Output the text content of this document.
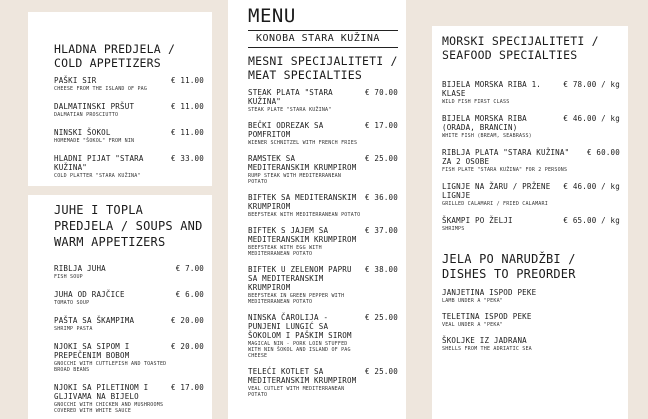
HLADNA PREDJELA / COLD APPETIZERS
PAŠKI SIR
CHEESE FROM THE ISLAND OF PAG
€ 11.00
DALMATINSKI PRŠUT
DALMATIAN PROSCIUTTO
€ 11.00
NINSKI ŠOKOL
HOMEMADE "ŠOKOL" FROM NIN
€ 11.00
HLADNI PIJAT "STARA KUŽINA"
COLD PLATTER "STARA KUŽINA"
€ 33.00
JUHE I TOPLA PREDJELA / SOUPS AND WARM APPETIZERS
RIBLJA JUHA
FISH SOUP
€ 7.00
JUHA OD RAJČICE
TOMATO SOUP
€ 6.00
PAŠTA SA ŠKAMPIMA
SHRIMP PASTA
€ 20.00
NJOKI SA SIPOM I PREPEČENIM BOBOM
GNOCCHI WITH CUTTLEFISH AND TOASTED BROAD BEANS
€ 20.00
NJOKI SA PILETINOM I GLJIVAMA NA BIJELO
GNOCCHI WITH CHICKEN AND MUSHROOMS COVERED WITH WHITE SAUCE
€ 17.00
MENU
KONOBA STARA KUŽINA
MESNI SPECIJALITETI / MEAT SPECIALTIES
STEAK PLATA "STARA KUŽINA"
STEAK PLATE "STARA KUŽINA"
€ 70.00
BEČKI ODREZAK SA POMFRITOM
WIENER SCHNITZEL WITH FRENCH FRIES
€ 17.00
RAMSTEK SA MEDITERANSKIM KRUMPIROM
RUMP STEAK WITH MEDITERRANEAN POTATO
€ 25.00
BIFTEK SA MEDITERANSKIM KRUMPIROM
BEEFSTEAK WITH MEDITERRANEAN POTATO
€ 36.00
BIFTEK S JAJEM SA MEDITERANSKIM KRUMPIROM
BEEFSTEAK WITH EGG WITH MEDITERRANEAN POTATO
€ 37.00
BIFTEK U ZELENOM PAPRU SA MEDITERANSKIM KRUMPIROM
BEEFSTEAK IN GREEN PEPPER WITH MEDITERRANEAN POTATO
€ 38.00
NINSKA ČAROLIJA -PUNJENI LUNGIĆ SA ŠOKOLOM I PAŠKIM SIROM
MAGICAL NIN - PORK LOIN STUFFED WITH NIN ŠOKOL AND ISLAND OF PAG CHEESE
€ 25.00
TELEĆI KOTLET SA MEDITERANSKIM KRUMPIROM
VEAL CUTLET WITH MEDITERRANEAN POTATO
€ 25.00
MORSKI SPECIJALITETI / SEAFOOD SPECIALTIES
BIJELA MORSKA RIBA 1. KLASE
WILD FISH FIRST CLASS
€ 78.00 / kg
BIJELA MORSKA RIBA (ORADA, BRANCIN)
WHITE FISH (BREAM, SEABRASS)
€ 46.00 / kg
RIBLJA PLATA "STARA KUŽINA" ZA 2 OSOBE
FISH PLATE "STARA KUŽINA" FOR 2 PERSONS
€ 60.00
LIGNJE NA ŽARU / PRŽENE LIGNJE
GRILLED CALAMARI / FRIED CALAMARI
€ 46.00 / kg
ŠKAMPI PO ŽELJI
SHRIMPS
€ 65.00 / kg
JELA PO NARUDŽBI / DISHES TO PREORDER
JANJETINA ISPOD PEKE
LAMB UNDER A "PEKA"
TELETINA ISPOD PEKE
VEAL UNDER A "PEKA"
ŠKOLJKE IZ JADRANA
SHELLS FROM THE ADRIATIC SEA
